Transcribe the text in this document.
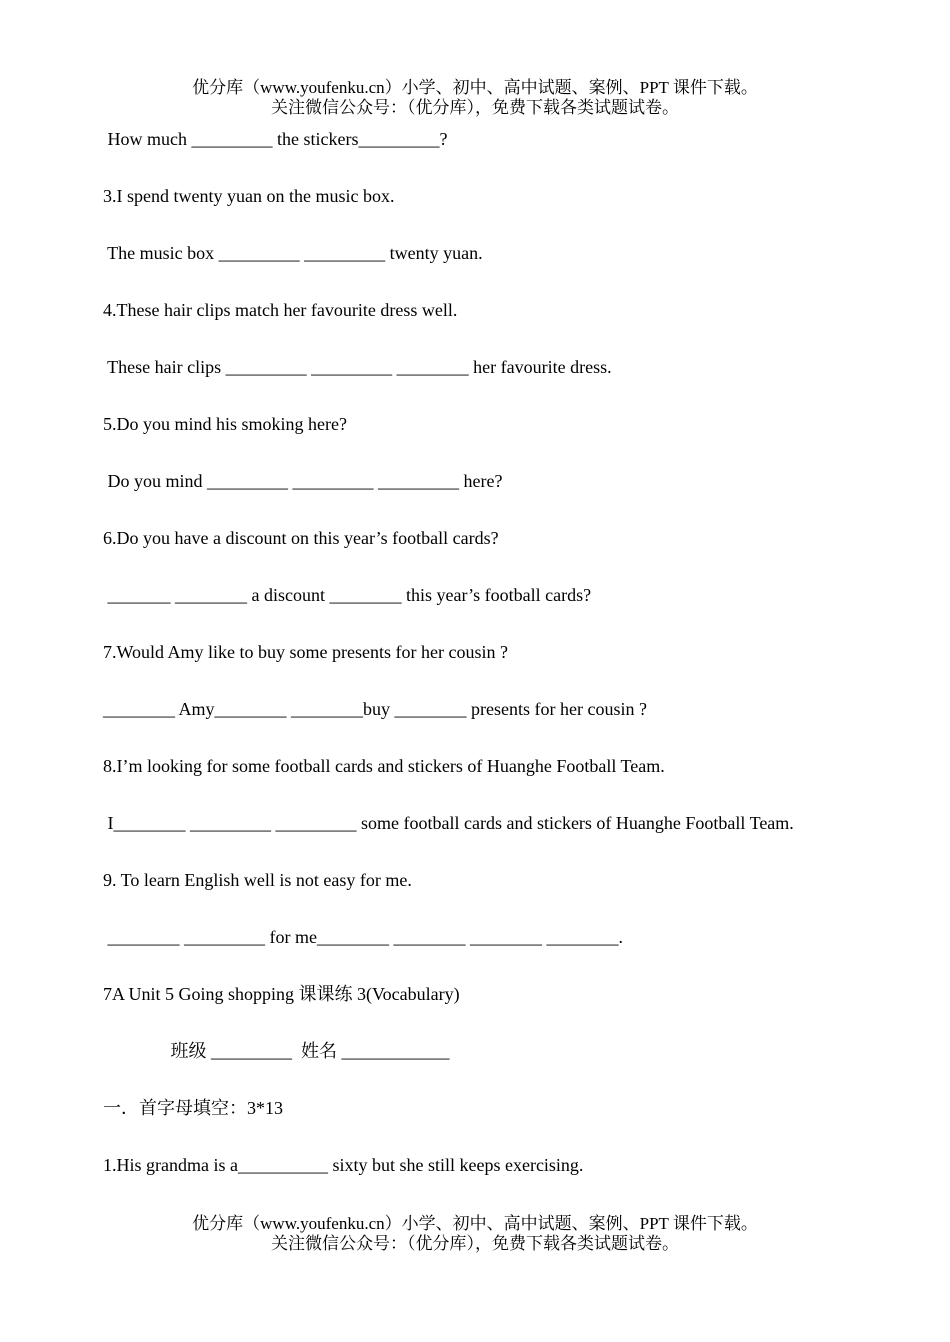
优分库（www.youfenku.cn）小学、初中、高中试题、案例、PPT 课件下载。
关注微信公众号：（优分库），免费下载各类试题试卷。
How much _________ the stickers_________?
3.I spend twenty yuan on the music box.
The music box _________ _________ twenty yuan.
4.These hair clips match her favourite dress well.
These hair clips _________ _________ ________ her favourite dress.
5.Do you mind his smoking here?
Do you mind _________ _________ _________ here?
6.Do you have a discount on this year’s football cards?
_______ ________ a discount ________ this year’s football cards?
7.Would Amy like to buy some presents for her cousin ?
________ Amy________ ________buy ________ presents for her cousin ?
8.I’m looking for some football cards and stickers of Huanghe Football Team.
I________ _________ _________ some football cards and stickers of Huanghe Football Team.
9. To learn English well is not easy for me.
________ _________ for me________ ________ ________ ________.
7A Unit 5 Going shopping 课课练 3(Vocabulary)
班级 _________  姓名 ____________
一．首字母填空：3*13
1.His grandma is a__________ sixty but she still keeps exercising.
优分库（www.youfenku.cn）小学、初中、高中试题、案例、PPT 课件下载。
关注微信公众号：（优分库），免费下载各类试题试卷。
